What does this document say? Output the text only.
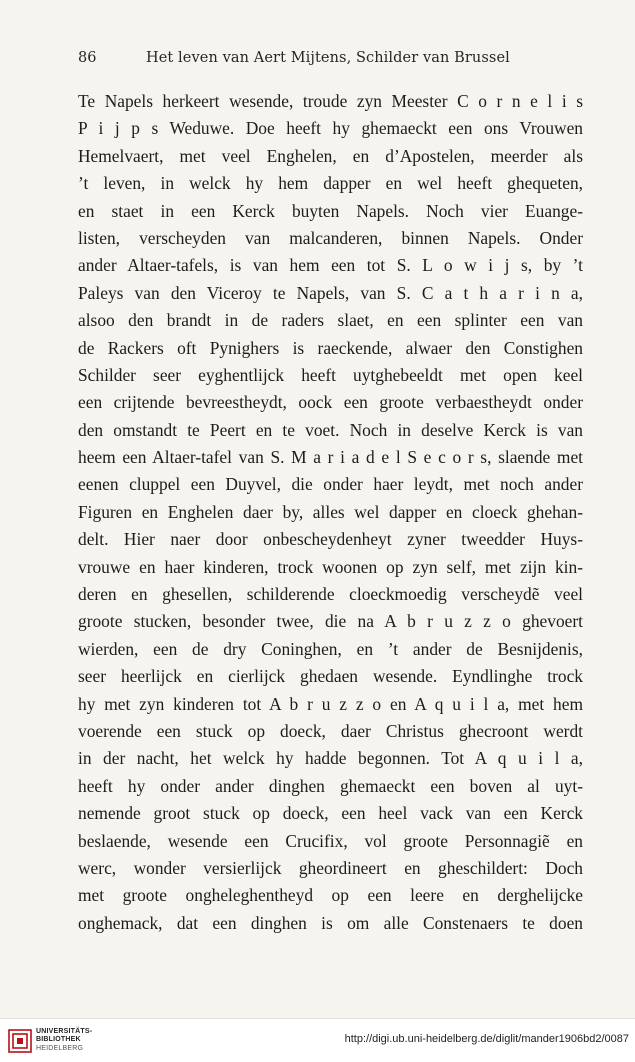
86	Het leven van Aert Mijtens, Schilder van Brussel
Te Napels herkeert wesende, troude zyn Meester C o r n e l i s
P i j p s Weduwe. Doe heeft hy ghemaeckt een ons Vrouwen
Hemelvaert, met veel Enghelen, en d’Apostelen, meerder als
’t leven, in welck hy hem dapper en wel heeft ghequeten,
en staet in een Kerck buyten Napels. Noch vier Euange-
listen, verscheyden van malcanderen, binnen Napels. Onder
ander Altaer-tafels, is van hem een tot S. L o w i j s, by ’t
Paleys van den Viceroy te Napels, van S. C a t h a r i n a,
alsoo den brandt in de raders slaet, en een splinter een van
de Rackers oft Pynighers is raeckende, alwaer den Constighen
Schilder seer eyghentlijck heeft uytghebeeldt met open keel
een crijtende bevreestheydt, oock een groote verbaestheydt onder
den omstandt te Peert en te voet. Noch in deselve Kerck is van
heem een Altaer-tafel van S. M a r i a d e l S e c o r s, slaende met
eenen cluppel een Duyvel, die onder haer leydt, met noch ander
Figuren en Enghelen daer by, alles wel dapper en cloeck ghehan-
delt. Hier naer door onbescheydenheyt zyner tweedder Huys-
vrouwe en haer kinderen, trock woonen op zyn self, met zijn kin-
deren en ghesellen, schilderende cloeckmoedig verscheydẽ veel
groote stucken, besonder twee, die na A b r u z z o ghevoert
wierden, een de dry Coninghen, en ’t ander de Besnijdenis,
seer heerlijck en cierlijck ghedaen wesende. Eyndlinghe trock
hy met zyn kinderen tot A b r u z z o en A q u i l a, met hem
voerende een stuck op doeck, daer Christus ghecroont werdt
in der nacht, het welck hy hadde begonnen. Tot A q u i l a,
heeft hy onder ander dinghen ghemaeckt een boven al uyt-
nemende groot stuck op doeck, een heel vack van een Kerck
beslaende, wesende een Crucifix, vol groote Personnagiẽ en
werc, wonder versierlijck gheordineert en gheschildert: Doch
met groote ongheleghentheyd op een leere en derghelijcke
onghemack, dat een dinghen is om alle Constenaers te doen
UNIVERSITÄTS-
BIBLIOTHEK
HEIDELBERG
http://digi.ub.uni-heidelberg.de/diglit/mander1906bd2/0087
